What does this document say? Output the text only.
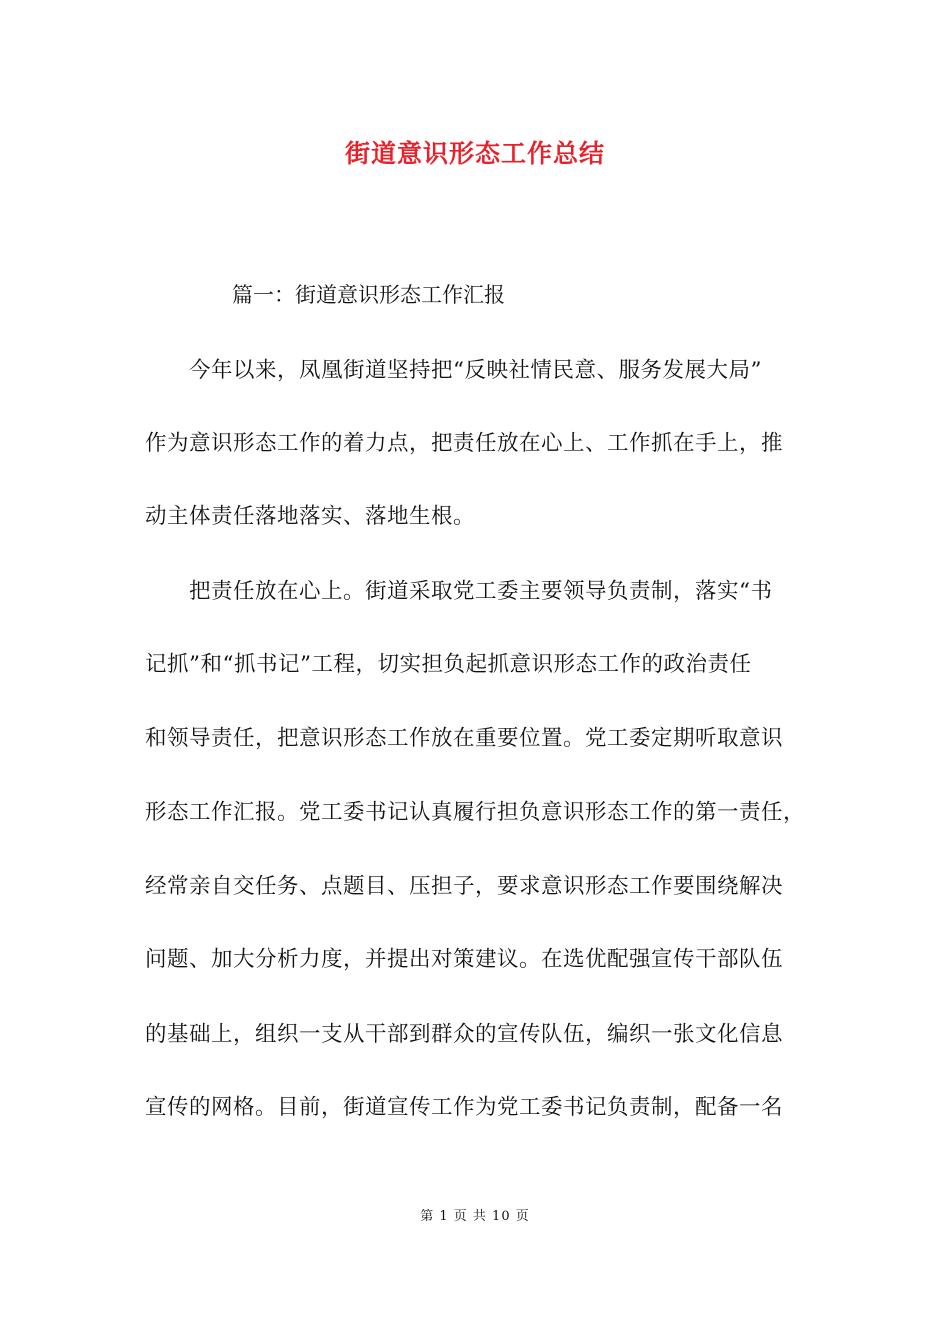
街道意识形态工作总结
篇一：街道意识形态工作汇报
今年以来，凤凰街道坚持把“反映社情民意、服务发展大局”
作为意识形态工作的着力点，把责任放在心上、工作抓在手上，推
动主体责任落地落实、落地生根。
把责任放在心上。街道采取党工委主要领导负责制，落实“书
记抓”和“抓书记”工程，切实担负起抓意识形态工作的政治责任
和领导责任，把意识形态工作放在重要位置。党工委定期听取意识
形态工作汇报。党工委书记认真履行担负意识形态工作的第一责任，
经常亲自交任务、点题目、压担子，要求意识形态工作要围绕解决
问题、加大分析力度，并提出对策建议。在选优配强宣传干部队伍
的基础上，组织一支从干部到群众的宣传队伍，编织一张文化信息
宣传的网格。目前，街道宣传工作为党工委书记负责制，配备一名
第 1 页 共 10 页
